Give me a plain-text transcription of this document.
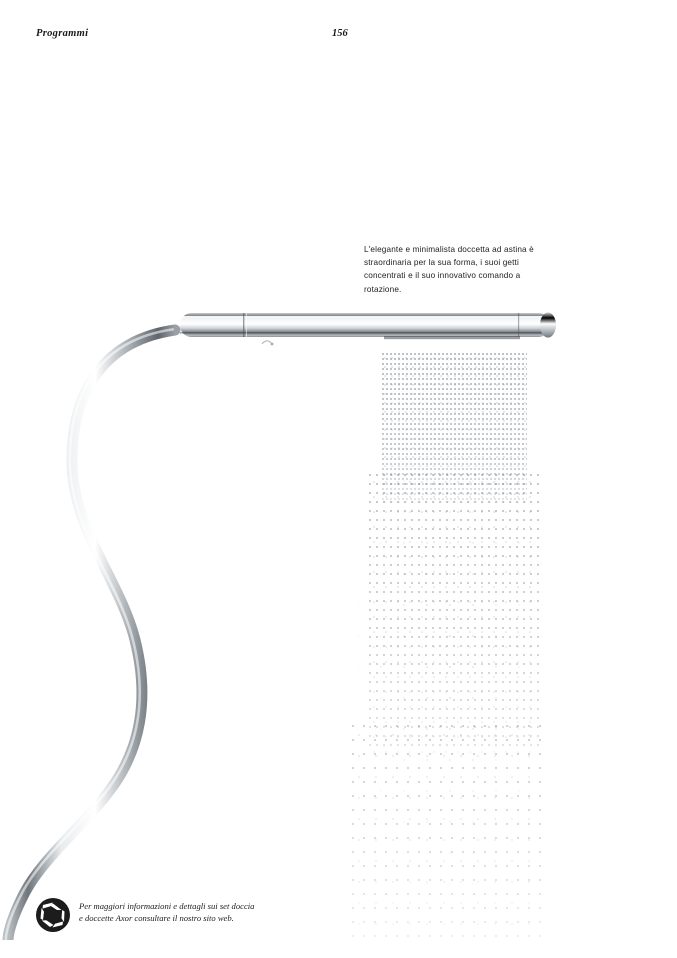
Programmi	156

L'elegante e minimalista doccetta ad astina è straordinaria per la sua forma, i suoi getti concentrati e il suo innovativo comando a rotazione.

Per maggiori informazioni e dettagli sui set doccia
e doccette Axor consultare il nostro sito web.
